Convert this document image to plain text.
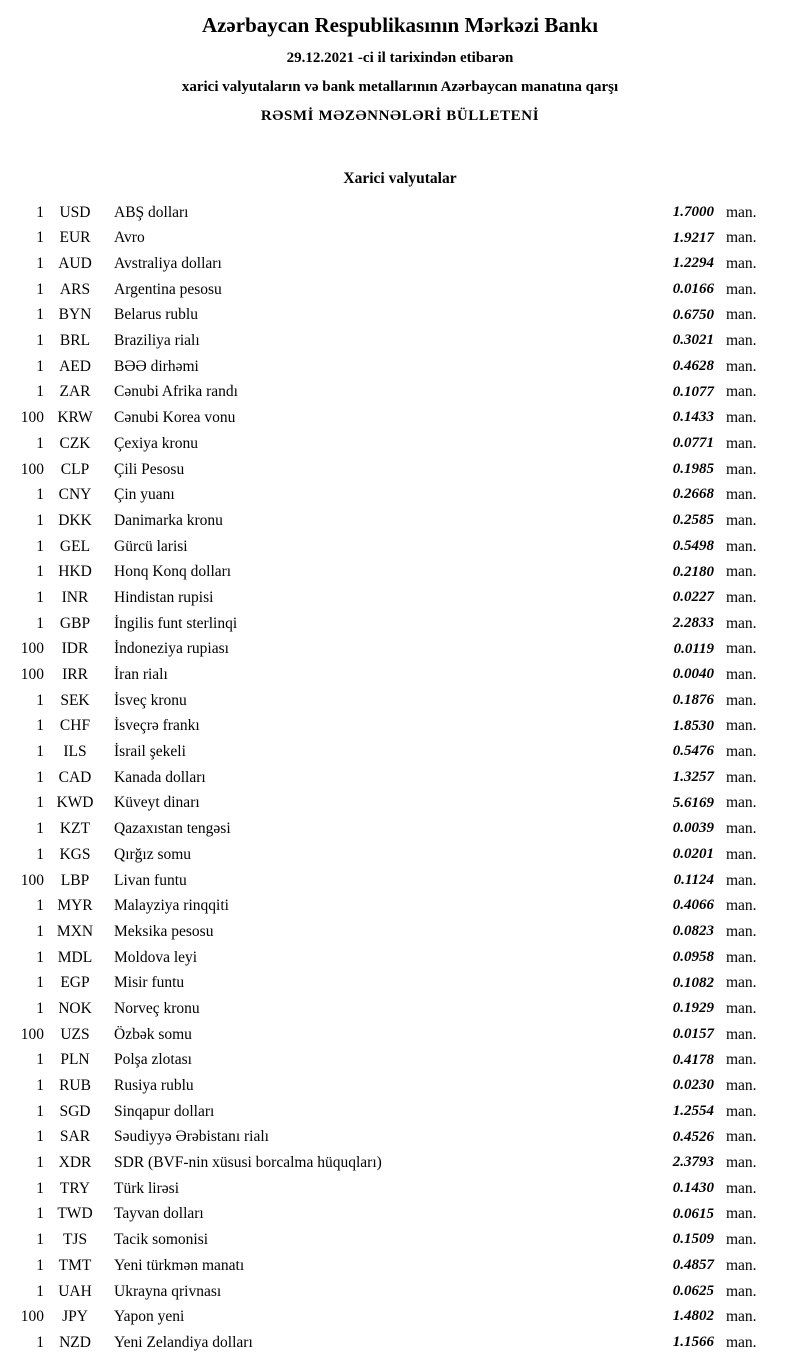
Azərbaycan Respublikasının Mərkəzi Bankı

29.12.2021 -ci il tarixindən etibarən

xarici valyutaların və bank metallarının Azərbaycan manatına qarşı

RƏSMİ MƏZƏNNƏLƏRİ BÜLLETENİ

Xarici valyutalar
1 USD	ABŞ dolları	1.7000 man.
1	EUR	Avro	1.9217 man.
1 AUD	Avstraliya dolları	1.2294 man.
1	ARS	Argentina pesosu	0.0166 man.
1 BYN	Belarus rublu	0.6750 man.
1	BRL	Braziliya rialı	0.3021 man.
1 AED	BƏƏ dirhəmi	0.4628 man.
1	ZAR	Cənubi Afrika randı	0.1077 man.
100 KRW	Cənubi Korea vonu	0.1433 man.
1	CZK	Çexiya kronu	0.0771 man.
100	CLP	Çili Pesosu	0.1985 man.
1 CNY	Çin yuanı	0.2668 man.
1 DKK	Danimarka kronu	0.2585 man.
1	GEL	Gürcü larisi	0.5498 man.
1 HKD	Honq Konq dolları	0.2180 man.
1	INR	Hindistan rupisi	0.0227 man.
1	GBP	İngilis funt sterlinqi	2.2833 man.
100	IDR	İndoneziya rupiası	0.0119 man.
100	IRR	İran rialı	0.0040 man.
1	SEK	İsveç kronu	0.1876 man.
1	CHF	İsveçrə frankı	1.8530 man.
1	ILS	İsrail şekeli	0.5476 man.
1 CAD	Kanada dolları	1.3257 man.
1 KWD	Küveyt dinarı	5.6169 man.
1	KZT	Qazaxıstan tengəsi	0.0039 man.
1 KGS	Qırğız somu	0.0201 man.
100	LBP	Livan funtu	0.1124 man.
1 MYR	Malayziya rinqqiti	0.4066 man.
1 MXN	Meksika pesosu	0.0823 man.
1 MDL	Moldova leyi	0.0958 man.
1	EGP	Misir funtu	0.1082 man.
1 NOK	Norveç kronu	0.1929 man.
100	UZS	Özbək somu	0.0157 man.
1	PLN	Polşa zlotası	0.4178 man.
1 RUB	Rusiya rublu	0.0230 man.
1 SGD	Sinqapur dolları	1.2554 man.
1	SAR	Səudiyyə Ərəbistanı rialı	0.4526 man.
1 XDR	SDR (BVF-nin xüsusi borcalma hüquqları)	2.3793 man.
1	TRY	Türk lirəsi	0.1430 man.
1 TWD	Tayvan dolları	0.0615 man.
1	TJS	Tacik somonisi	0.1509 man.
1 TMT	Yeni türkmən manatı	0.4857 man.
1 UAH	Ukrayna qrivnası	0.0625 man.
100	JPY	Yapon yeni	1.4802 man.
1 NZD	Yeni Zelandiya dolları	1.1566 man.
